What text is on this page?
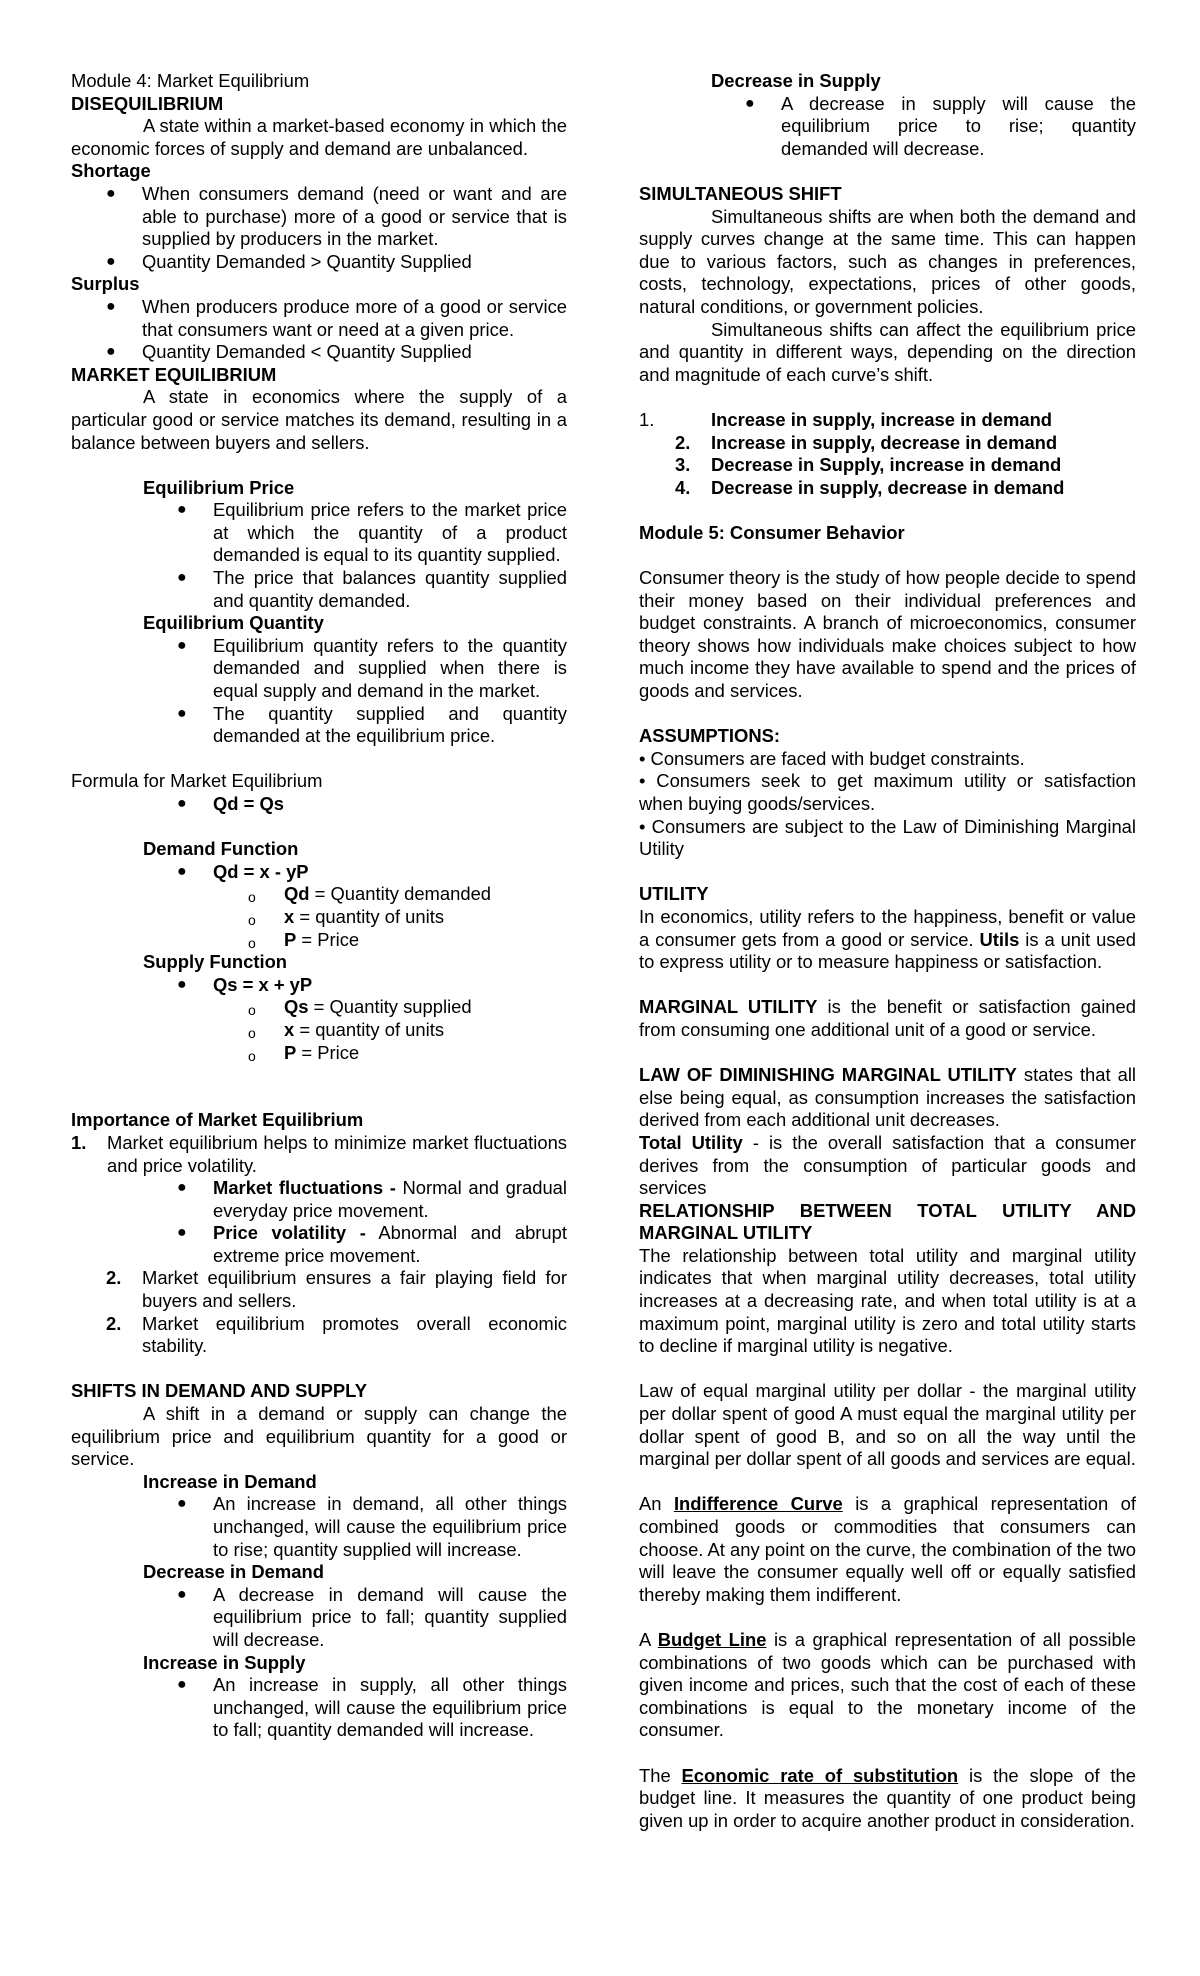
Module 4: Market Equilibrium

DISEQUILIBRIUM

A state within a market-based economy in which the economic forces of supply and demand are unbalanced.

Shortage

● When consumers demand (need or want and are able to purchase) more of a good or service that is supplied by producers in the market.
● Quantity Demanded > Quantity Supplied

Surplus

● When producers produce more of a good or service that consumers want or need at a given price.
● Quantity Demanded < Quantity Supplied

MARKET EQUILIBRIUM

A state in economics where the supply of a particular good or service matches its demand, resulting in a balance between buyers and sellers.

Equilibrium Price

● Equilibrium price refers to the market price at which the quantity of a product demanded is equal to its quantity supplied.
● The price that balances quantity supplied and quantity demanded.

Equilibrium Quantity

● Equilibrium quantity refers to the quantity demanded and supplied when there is equal supply and demand in the market.
● The quantity supplied and quantity demanded at the equilibrium price.

Formula for Market Equilibrium

● Qd = Qs

Demand Function

● Qd = x - yP
o Qd = Quantity demanded
o x = quantity of units
o P = Price

Supply Function

● Qs = x + yP
o Qs = Quantity supplied
o x = quantity of units
o P = Price

Importance of Market Equilibrium

1. Market equilibrium helps to minimize market fluctuations and price volatility.
● Market fluctuations - Normal and gradual everyday price movement.
● Price volatility - Abnormal and abrupt extreme price movement.
2. Market equilibrium ensures a fair playing field for buyers and sellers.
2. Market equilibrium promotes overall economic stability.

SHIFTS IN DEMAND AND SUPPLY

A shift in a demand or supply can change the equilibrium price and equilibrium quantity for a good or service.

Increase in Demand

● An increase in demand, all other things unchanged, will cause the equilibrium price to rise; quantity supplied will increase.

Decrease in Demand

● A decrease in demand will cause the equilibrium price to fall; quantity supplied will decrease.

Increase in Supply

● An increase in supply, all other things unchanged, will cause the equilibrium price to fall; quantity demanded will increase.

Decrease in Supply

● A decrease in supply will cause the equilibrium price to rise; quantity demanded will decrease.

SIMULTANEOUS SHIFT

Simultaneous shifts are when both the demand and supply curves change at the same time. This can happen due to various factors, such as changes in preferences, costs, technology, expectations, prices of other goods, natural conditions, or government policies.

Simultaneous shifts can affect the equilibrium price and quantity in different ways, depending on the direction and magnitude of each curve’s shift.

1.	Increase in supply, increase in demand
2. Increase in supply, decrease in demand
3. Decrease in Supply, increase in demand
4. Decrease in supply, decrease in demand

Module 5: Consumer Behavior

Consumer theory is the study of how people decide to spend their money based on their individual preferences and budget constraints. A branch of microeconomics, consumer theory shows how individuals make choices subject to how much income they have available to spend and the prices of goods and services.

ASSUMPTIONS:

• Consumers are faced with budget constraints.

• Consumers seek to get maximum utility or satisfaction when buying goods/services.

• Consumers are subject to the Law of Diminishing Marginal Utility

UTILITY

In economics, utility refers to the happiness, benefit or value a consumer gets from a good or service. Utils is a unit used to express utility or to measure happiness or satisfaction.

MARGINAL UTILITY is the benefit or satisfaction gained from consuming one additional unit of a good or service.

LAW OF DIMINISHING MARGINAL UTILITY states that all else being equal, as consumption increases the satisfaction derived from each additional unit decreases.

Total Utility - is the overall satisfaction that a consumer derives from the consumption of particular goods and services

RELATIONSHIP BETWEEN TOTAL UTILITY AND MARGINAL UTILITY

The relationship between total utility and marginal utility indicates that when marginal utility decreases, total utility increases at a decreasing rate, and when total utility is at a maximum point, marginal utility is zero and total utility starts to decline if marginal utility is negative.

Law of equal marginal utility per dollar - the marginal utility per dollar spent of good A must equal the marginal utility per dollar spent of good B, and so on all the way until the marginal per dollar spent of all goods and services are equal.

An Indifference Curve is a graphical representation of combined goods or commodities that consumers can choose. At any point on the curve, the combination of the two will leave the consumer equally well off or equally satisfied thereby making them indifferent.

A Budget Line is a graphical representation of all possible combinations of two goods which can be purchased with given income and prices, such that the cost of each of these combinations is equal to the monetary income of the consumer.

The Economic rate of substitution is the slope of the budget line. It measures the quantity of one product being given up in order to acquire another product in consideration.
